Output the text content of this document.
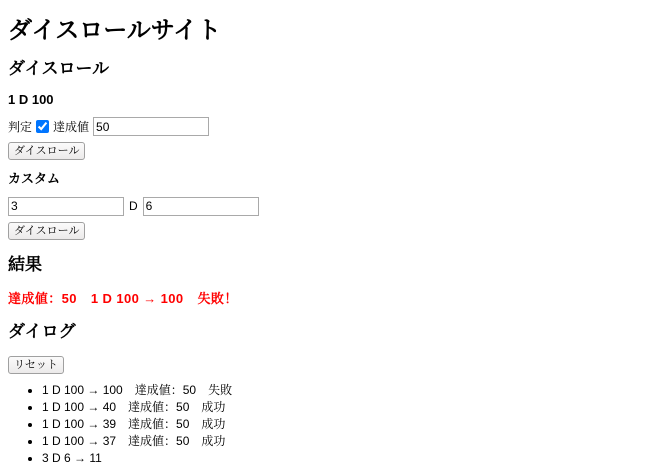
ダイスロールサイト
ダイスロール
1 D 100
判定 達成値
50
ダイスロール
カスタム
3
D
6
ダイスロール
結果
達成値：50 1 D 100 → 100 失敗！
ダイログ
リセット
• 1 D 100 → 100　達成値：50　失敗
• 1 D 100 → 40　達成値：50　成功
• 1 D 100 → 39　達成値：50　成功
• 1 D 100 → 37　達成値：50　成功
• 3 D 6 → 11
